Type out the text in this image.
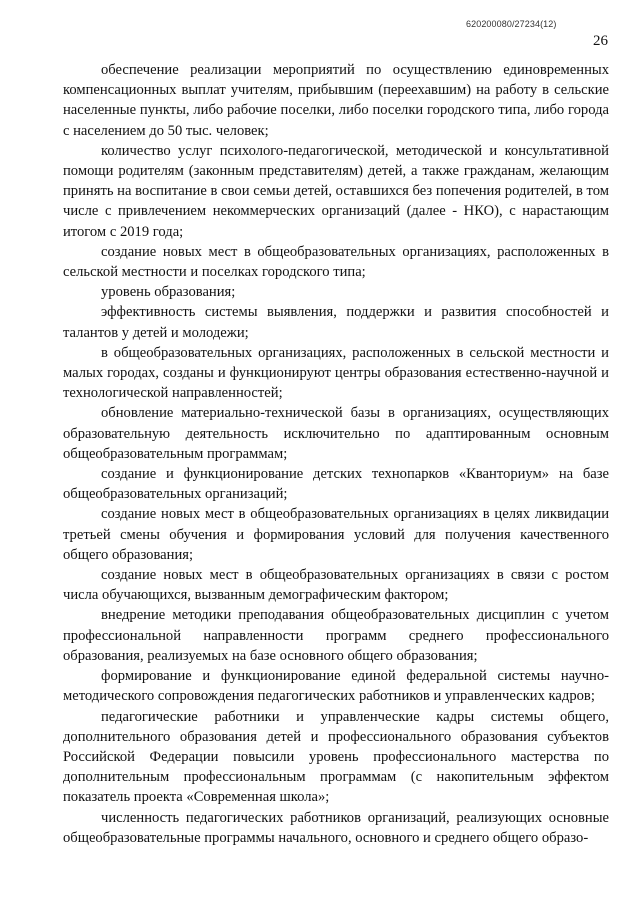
620200080/27234(12)
26

обеспечение реализации мероприятий по осуществлению единовременных компенсационных выплат учителям, прибывшим (переехавшим) на работу в сельские населенные пункты, либо рабочие поселки, либо поселки городского типа, либо города с населением до 50 тыс. человек;

количество услуг психолого-педагогической, методической и консультативной помощи родителям (законным представителям) детей, а также гражданам, желающим принять на воспитание в свои семьи детей, оставшихся без попечения родителей, в том числе с привлечением некоммерческих организаций (далее - НКО), с нарастающим итогом с 2019 года;

создание новых мест в общеобразовательных организациях, расположенных в сельской местности и поселках городского типа;

уровень образования;

эффективность системы выявления, поддержки и развития способностей и талантов у детей и молодежи;

в общеобразовательных организациях, расположенных в сельской местности и малых городах, созданы и функционируют центры образования естественно-научной и технологической направленностей;

обновление материально-технической базы в организациях, осуществляющих образовательную деятельность исключительно по адаптированным основным общеобразовательным программам;

создание и функционирование детских технопарков «Кванториум» на базе общеобразовательных организаций;

создание новых мест в общеобразовательных организациях в целях ликвидации третьей смены обучения и формирования условий для получения качественного общего образования;

создание новых мест в общеобразовательных организациях в связи с ростом числа обучающихся, вызванным демографическим фактором;

внедрение методики преподавания общеобразовательных дисциплин с учетом профессиональной направленности программ среднего профессионального образования, реализуемых на базе основного общего образования;

формирование и функционирование единой федеральной системы научно-методического сопровождения педагогических работников и управленческих кадров;

педагогические работники и управленческие кадры системы общего, дополнительного образования детей и профессионального образования субъектов Российской Федерации повысили уровень профессионального мастерства по дополнительным профессиональным программам (с накопительным эффектом показатель проекта «Современная школа»;

численность педагогических работников организаций, реализующих основные общеобразовательные программы начального, основного и среднего общего образо-
